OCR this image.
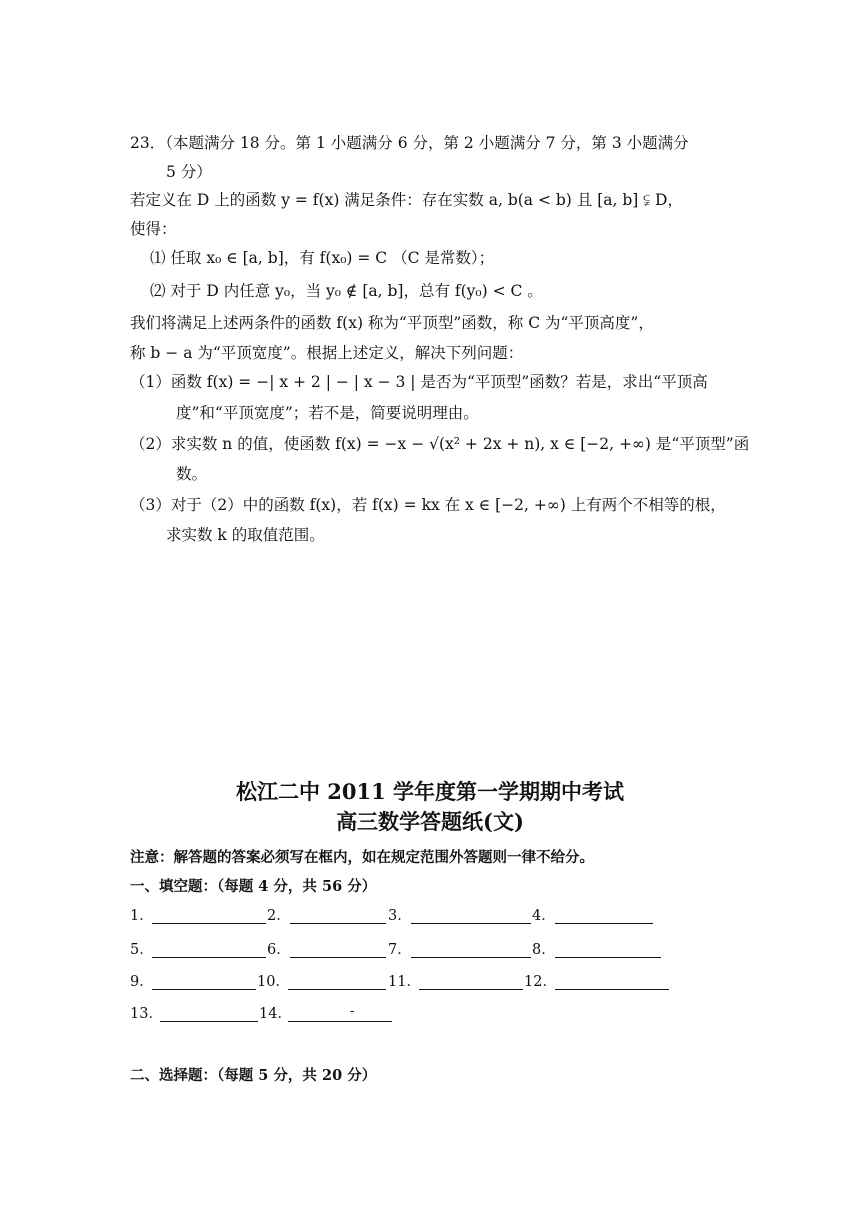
23．（本题满分 18 分。第 1 小题满分 6 分，第 2 小题满分 7 分，第 3 小题满分
5 分）
若定义在 D 上的函数 y = f(x) 满足条件：存在实数 a, b(a < b) 且 [a, b] ⫋ D，
使得：
⑴ 任取 x₀ ∈ [a, b]，有 f(x₀) = C （C 是常数）；
⑵ 对于 D 内任意 y₀，当 y₀ ∉ [a, b]，总有 f(y₀) < C 。
我们将满足上述两条件的函数 f(x) 称为“平顶型”函数，称 C 为“平顶高度”，
称 b − a 为“平顶宽度”。根据上述定义，解决下列问题：
（1）函数 f(x) = −| x + 2 | − | x − 3 | 是否为“平顶型”函数？若是，求出“平顶高
度”和“平顶宽度”；若不是，简要说明理由。
（2）求实数 n 的值，使函数 f(x) = −x − √(x² + 2x + n), x ∈ [−2, +∞) 是“平顶型”函
数。
（3）对于（2）中的函数 f(x)，若 f(x) = kx 在 x ∈ [−2, +∞) 上有两个不相等的根，
求实数 k 的取值范围。
松江二中 2011 学年度第一学期期中考试
高三数学答题纸(文)
注意：解答题的答案必须写在框内，如在规定范围外答题则一律不给分。
一、填空题：（每题 4 分，共 56 分）
1．	2．	3．	4．
5．	6．	7．	8．
9．	10．	11．	12．
13．	14．	-
二、选择题：（每题 5 分，共 20 分）
